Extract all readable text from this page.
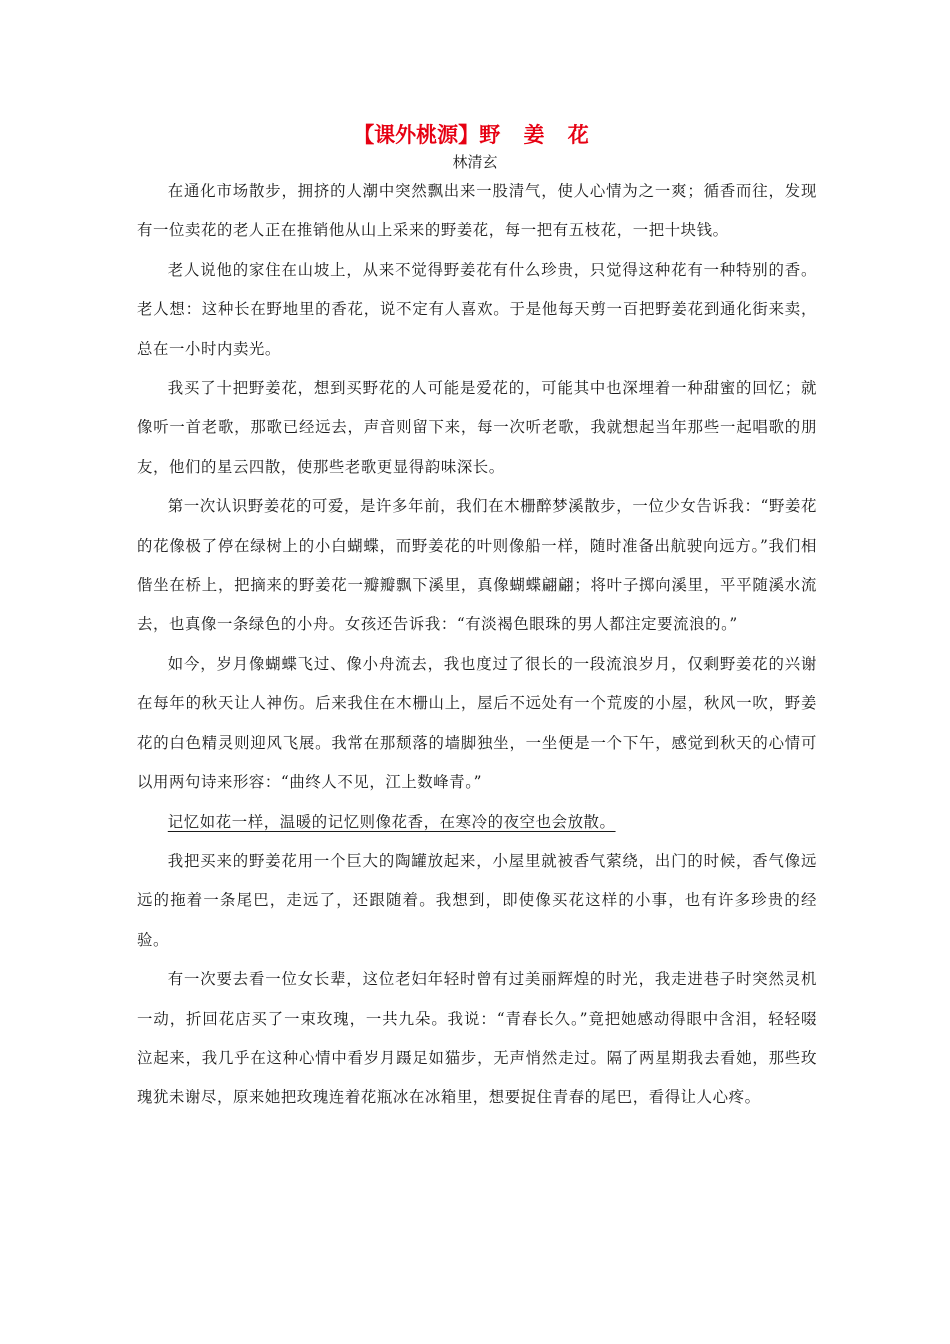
【课外桃源】野 姜 花

林清玄

在通化市场散步，拥挤的人潮中突然飘出来一股清气，使人心情为之一爽；循香而往，发现有一位卖花的老人正在推销他从山上采来的野姜花，每一把有五枝花，一把十块钱。

老人说他的家住在山坡上，从来不觉得野姜花有什么珍贵，只觉得这种花有一种特别的香。老人想：这种长在野地里的香花，说不定有人喜欢。于是他每天剪一百把野姜花到通化街来卖，总在一小时内卖光。

我买了十把野姜花，想到买野花的人可能是爱花的，可能其中也深埋着一种甜蜜的回忆；就像听一首老歌，那歌已经远去，声音则留下来，每一次听老歌，我就想起当年那些一起唱歌的朋友，他们的星云四散，使那些老歌更显得韵味深长。

第一次认识野姜花的可爱，是许多年前，我们在木栅醉梦溪散步，一位少女告诉我：“野姜花的花像极了停在绿树上的小白蝴蝶，而野姜花的叶则像船一样，随时准备出航驶向远方。”我们相偕坐在桥上，把摘来的野姜花一瓣瓣飘下溪里，真像蝴蝶翩翩；将叶子掷向溪里，平平随溪水流去，也真像一条绿色的小舟。女孩还告诉我：“有淡褐色眼珠的男人都注定要流浪的。”

如今，岁月像蝴蝶飞过、像小舟流去，我也度过了很长的一段流浪岁月，仅剩野姜花的兴谢在每年的秋天让人神伤。后来我住在木栅山上，屋后不远处有一个荒废的小屋，秋风一吹，野姜花的白色精灵则迎风飞展。我常在那颓落的墙脚独坐，一坐便是一个下午，感觉到秋天的心情可以用两句诗来形容：“曲终人不见，江上数峰青。”

记忆如花一样，温暖的记忆则像花香，在寒冷的夜空也会放散。

我把买来的野姜花用一个巨大的陶罐放起来，小屋里就被香气萦绕，出门的时候，香气像远远的拖着一条尾巴，走远了，还跟随着。我想到，即使像买花这样的小事，也有许多珍贵的经验。

有一次要去看一位女长辈，这位老妇年轻时曾有过美丽辉煌的时光，我走进巷子时突然灵机一动，折回花店买了一束玫瑰，一共九朵。我说：“青春长久。”竟把她感动得眼中含泪，轻轻啜泣起来，我几乎在这种心情中看岁月蹑足如猫步，无声悄然走过。隔了两星期我去看她，那些玫瑰犹未谢尽，原来她把玫瑰连着花瓶冰在冰箱里，想要捉住青春的尾巴，看得让人心疼。
